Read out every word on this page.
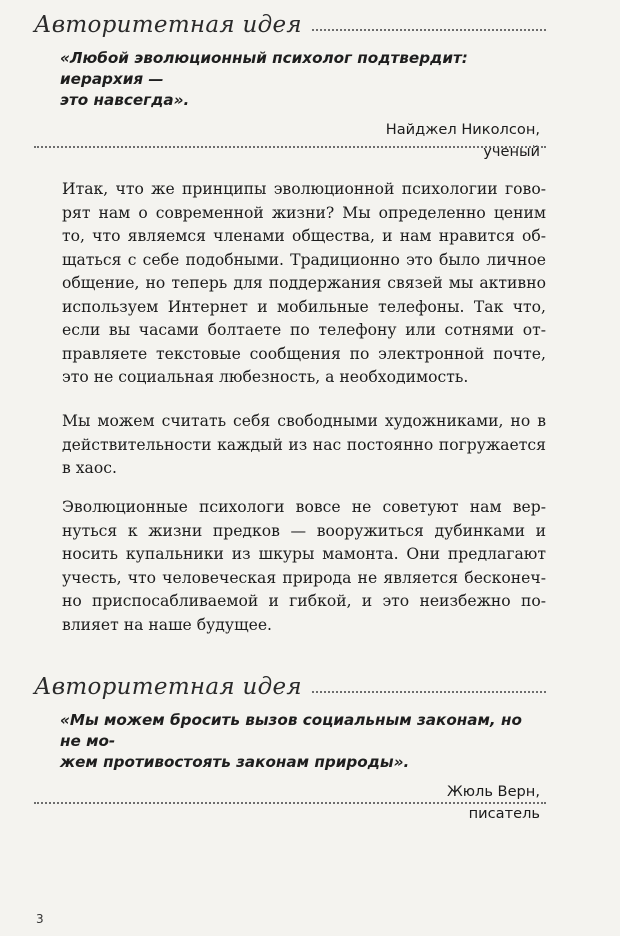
Авторитетная идея
«Любой эволюционный психолог подтвердит: иерархия —
это навсегда».
Найджел Николсон,
ученый
Итак, что же принципы эволюционной психологии гово-
рят нам о современной жизни? Мы определенно ценим
то, что являемся членами общества, и нам нравится об-
щаться с себе подобными. Традиционно это было личное
общение, но теперь для поддержания связей мы активно
используем Интернет и мобильные телефоны. Так что,
если вы часами болтаете по телефону или сотнями от-
правляете текстовые сообщения по электронной почте,
это не социальная любезность, а необходимость.
Мы можем считать себя свободными художниками, но в
действительности каждый из нас постоянно погружается
в хаос.
Эволюционные психологи вовсе не советуют нам вер-
нуться к жизни предков — вооружиться дубинками и
носить купальники из шкуры мамонта. Они предлагают
учесть, что человеческая природа не является бесконеч-
но приспосабливаемой и гибкой, и это неизбежно по-
влияет на наше будущее.
Авторитетная идея
«Мы можем бросить вызов социальным законам, но не мо-
жем противостоять законам природы».
Жюль Верн,
писатель
3
